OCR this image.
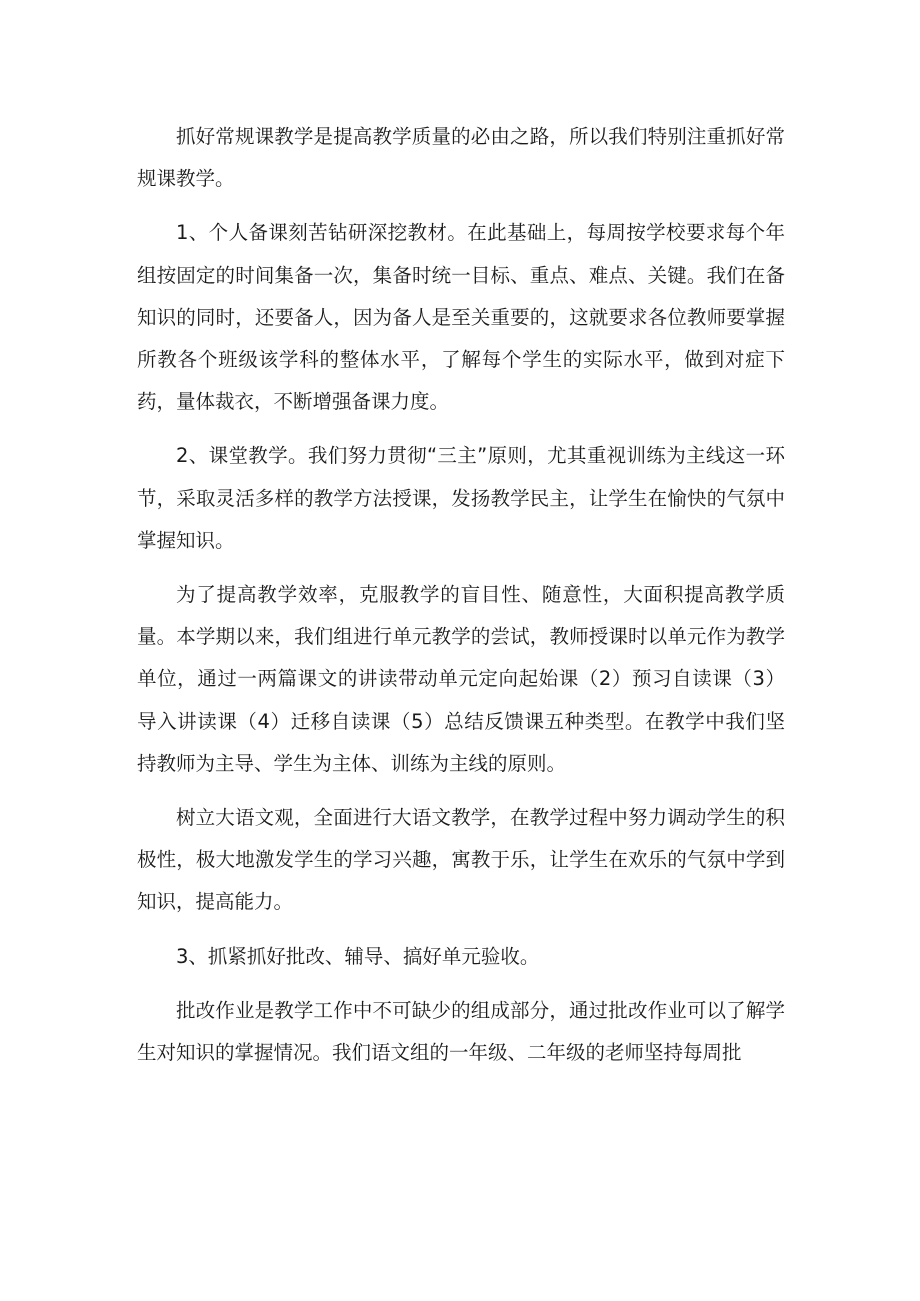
抓好常规课教学是提高教学质量的必由之路，所以我们特别注重抓好常规课教学。

1、个人备课刻苦钻研深挖教材。在此基础上，每周按学校要求每个年组按固定的时间集备一次，集备时统一目标、重点、难点、关键。我们在备知识的同时，还要备人，因为备人是至关重要的，这就要求各位教师要掌握所教各个班级该学科的整体水平，了解每个学生的实际水平，做到对症下药，量体裁衣，不断增强备课力度。

2、课堂教学。我们努力贯彻“三主”原则，尤其重视训练为主线这一环节，采取灵活多样的教学方法授课，发扬教学民主，让学生在愉快的气氛中掌握知识。

为了提高教学效率，克服教学的盲目性、随意性，大面积提高教学质量。本学期以来，我们组进行单元教学的尝试，教师授课时以单元作为教学单位，通过一两篇课文的讲读带动单元定向起始课（2）预习自读课（3）导入讲读课（4）迁移自读课（5）总结反馈课五种类型。在教学中我们坚持教师为主导、学生为主体、训练为主线的原则。

树立大语文观，全面进行大语文教学，在教学过程中努力调动学生的积极性，极大地激发学生的学习兴趣，寓教于乐，让学生在欢乐的气氛中学到知识，提高能力。

3、抓紧抓好批改、辅导、搞好单元验收。

批改作业是教学工作中不可缺少的组成部分，通过批改作业可以了解学生对知识的掌握情况。我们语文组的一年级、二年级的老师坚持每周批
